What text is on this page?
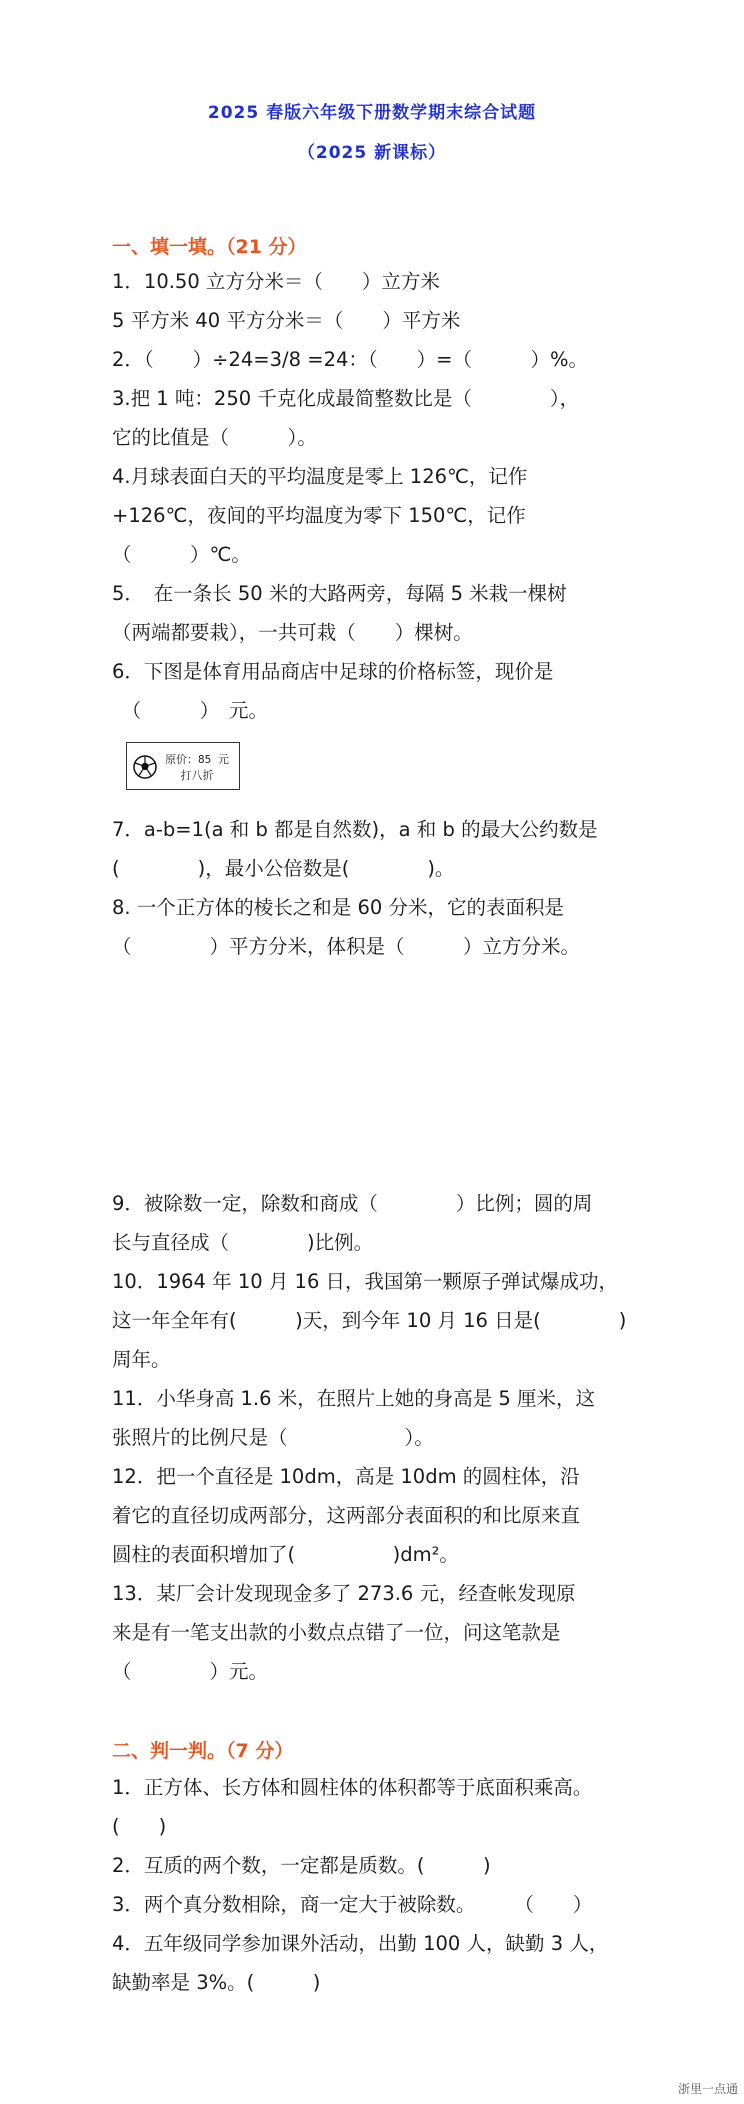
2025 春版六年级下册数学期末综合试题
（2025 新课标）
一、填一填。（21 分）
1．10.50 立方分米＝（　　）立方米
5 平方米 40 平方分米＝（　　）平方米
2．（　　）÷24=3/8 =24：（　　）=（　　　）%。
3.把 1 吨：250 千克化成最简整数比是（　　　　），
它的比值是（　　　）。
4.月球表面白天的平均温度是零上 126℃，记作
+126℃，夜间的平均温度为零下 150℃，记作
（　　　）℃。
5．　在一条长 50 米的大路两旁，每隔 5 米栽一棵树
（两端都要栽），一共可栽（　　）棵树。
6．下图是体育用品商店中足球的价格标签，现价是
　（　　　）　元。
原价：85 元
打八折
7．a-b=1(a 和 b 都是自然数)，a 和 b 的最大公约数是
(　　　　)，最小公倍数是(　　　　)。
8. 一个正方体的棱长之和是 60 分米，它的表面积是
（　　　　）平方分米，体积是（　　　）立方分米。
9．被除数一定，除数和商成（　　　　）比例；圆的周
长与直径成（　　　　)比例。
10．1964 年 10 月 16 日，我国第一颗原子弹试爆成功，
这一年全年有(　　　)天，到今年 10 月 16 日是(　　　　)
周年。
11．小华身高 1.6 米，在照片上她的身高是 5 厘米，这
张照片的比例尺是（　　　　　　）。
12．把一个直径是 10dm，高是 10dm 的圆柱体，沿
着它的直径切成两部分，这两部分表面积的和比原来直
圆柱的表面积增加了(　　　　　)dm²。
13．某厂会计发现现金多了 273.6 元，经查帐发现原
来是有一笔支出款的小数点点错了一位，问这笔款是
（　　　　）元。
二、判一判。（7 分）
1．正方体、长方体和圆柱体的体积都等于底面积乘高。
(　　)
2．互质的两个数，一定都是质数。(　　　)
3．两个真分数相除，商一定大于被除数。　　　（　　）
4．五年级同学参加课外活动，出勤 100 人，缺勤 3 人，
缺勤率是 3%。(　　　)
浙里一点通
